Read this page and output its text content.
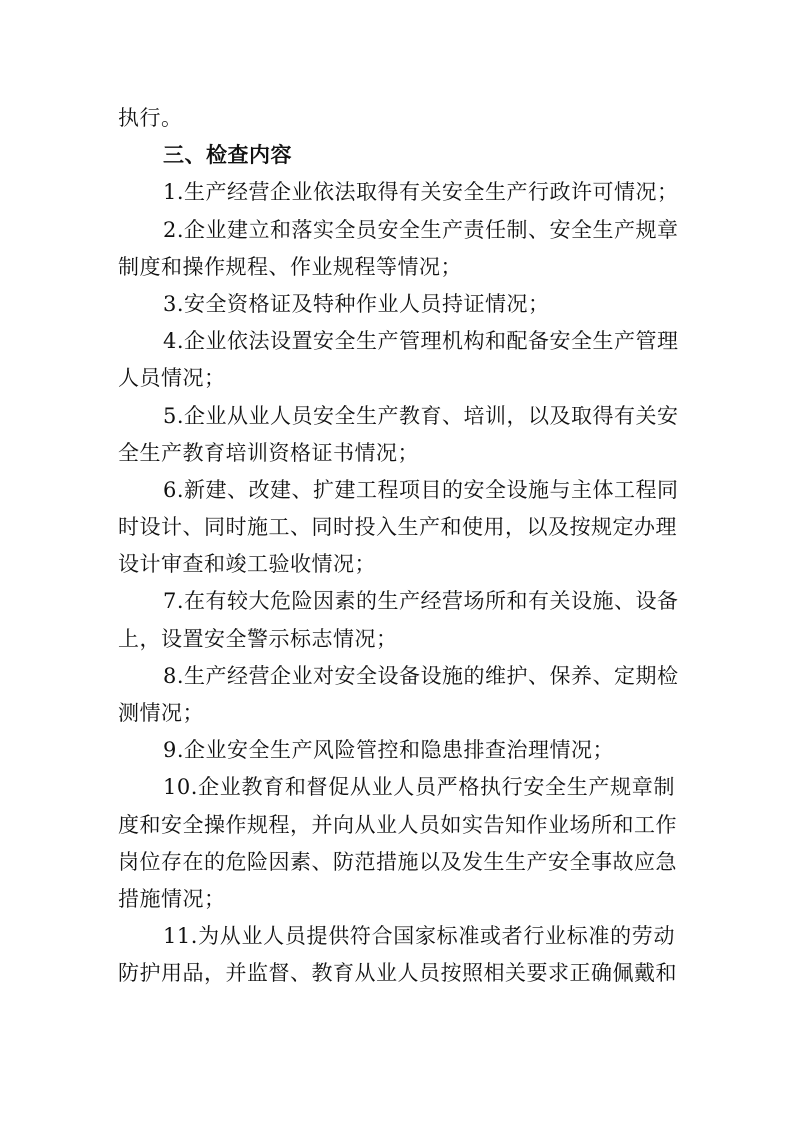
执行。
三、检查内容
1.生产经营企业依法取得有关安全生产行政许可情况；
2.企业建立和落实全员安全生产责任制、安全生产规章
制度和操作规程、作业规程等情况；
3.安全资格证及特种作业人员持证情况；
4.企业依法设置安全生产管理机构和配备安全生产管理
人员情况；
5.企业从业人员安全生产教育、培训，以及取得有关安
全生产教育培训资格证书情况；
6.新建、改建、扩建工程项目的安全设施与主体工程同
时设计、同时施工、同时投入生产和使用，以及按规定办理
设计审查和竣工验收情况；
7.在有较大危险因素的生产经营场所和有关设施、设备
上，设置安全警示标志情况；
8.生产经营企业对安全设备设施的维护、保养、定期检
测情况；
9.企业安全生产风险管控和隐患排查治理情况；
10.企业教育和督促从业人员严格执行安全生产规章制
度和安全操作规程，并向从业人员如实告知作业场所和工作
岗位存在的危险因素、防范措施以及发生生产安全事故应急
措施情况；
11.为从业人员提供符合国家标准或者行业标准的劳动
防护用品，并监督、教育从业人员按照相关要求正确佩戴和
